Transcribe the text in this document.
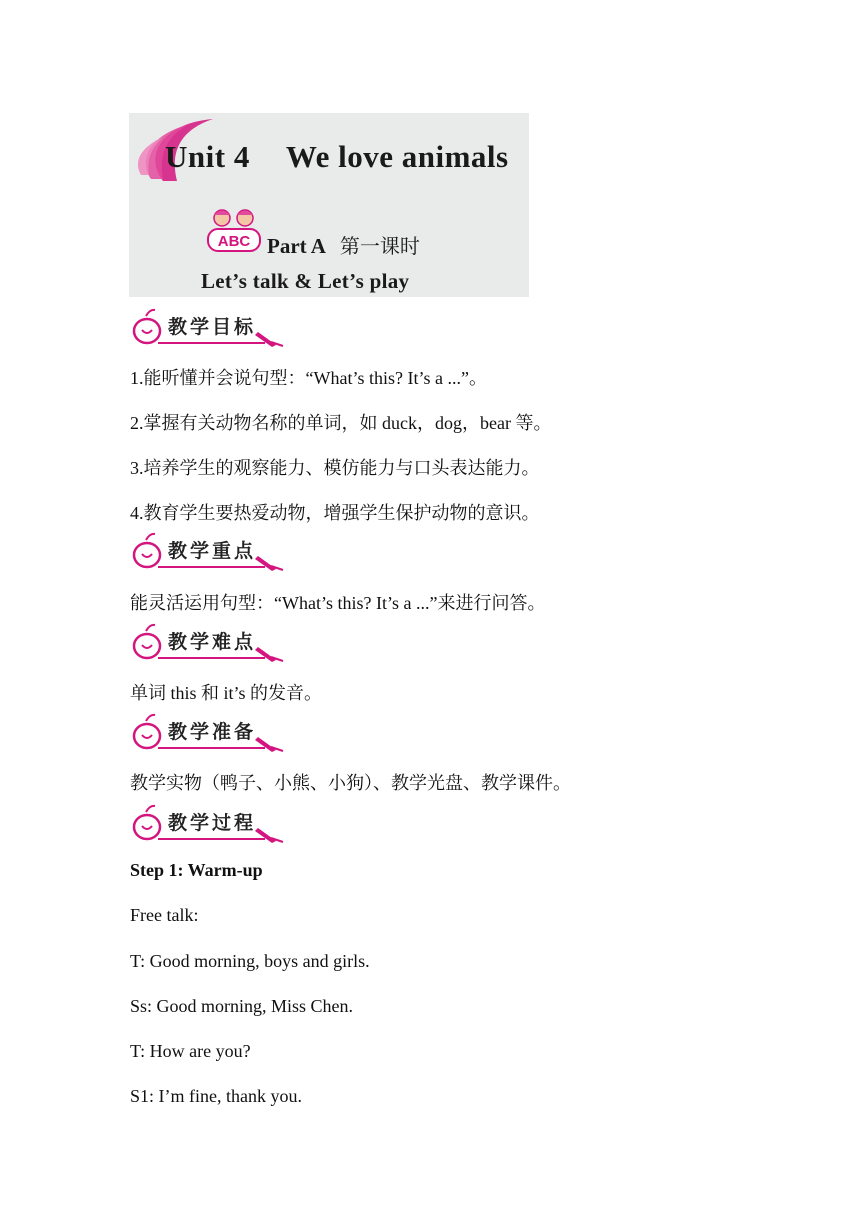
Unit 4 We love animals
ABC Part A 第一课时
Let’s talk & Let’s play
教学目标
1.能听懂并会说句型：“What’s this? It’s a ...”。
2.掌握有关动物名称的单词，如 duck，dog，bear 等。
3.培养学生的观察能力、模仿能力与口头表达能力。
4.教育学生要热爱动物，增强学生保护动物的意识。
教学重点
能灵活运用句型：“What’s this? It’s a ...”来进行问答。
教学难点
单词 this 和 it’s 的发音。
教学准备
教学实物（鸭子、小熊、小狗）、教学光盘、教学课件。
教学过程
Step 1: Warm-up
Free talk:
T: Good morning, boys and girls.
Ss: Good morning, Miss Chen.
T: How are you?
S1: I’m fine, thank you.
